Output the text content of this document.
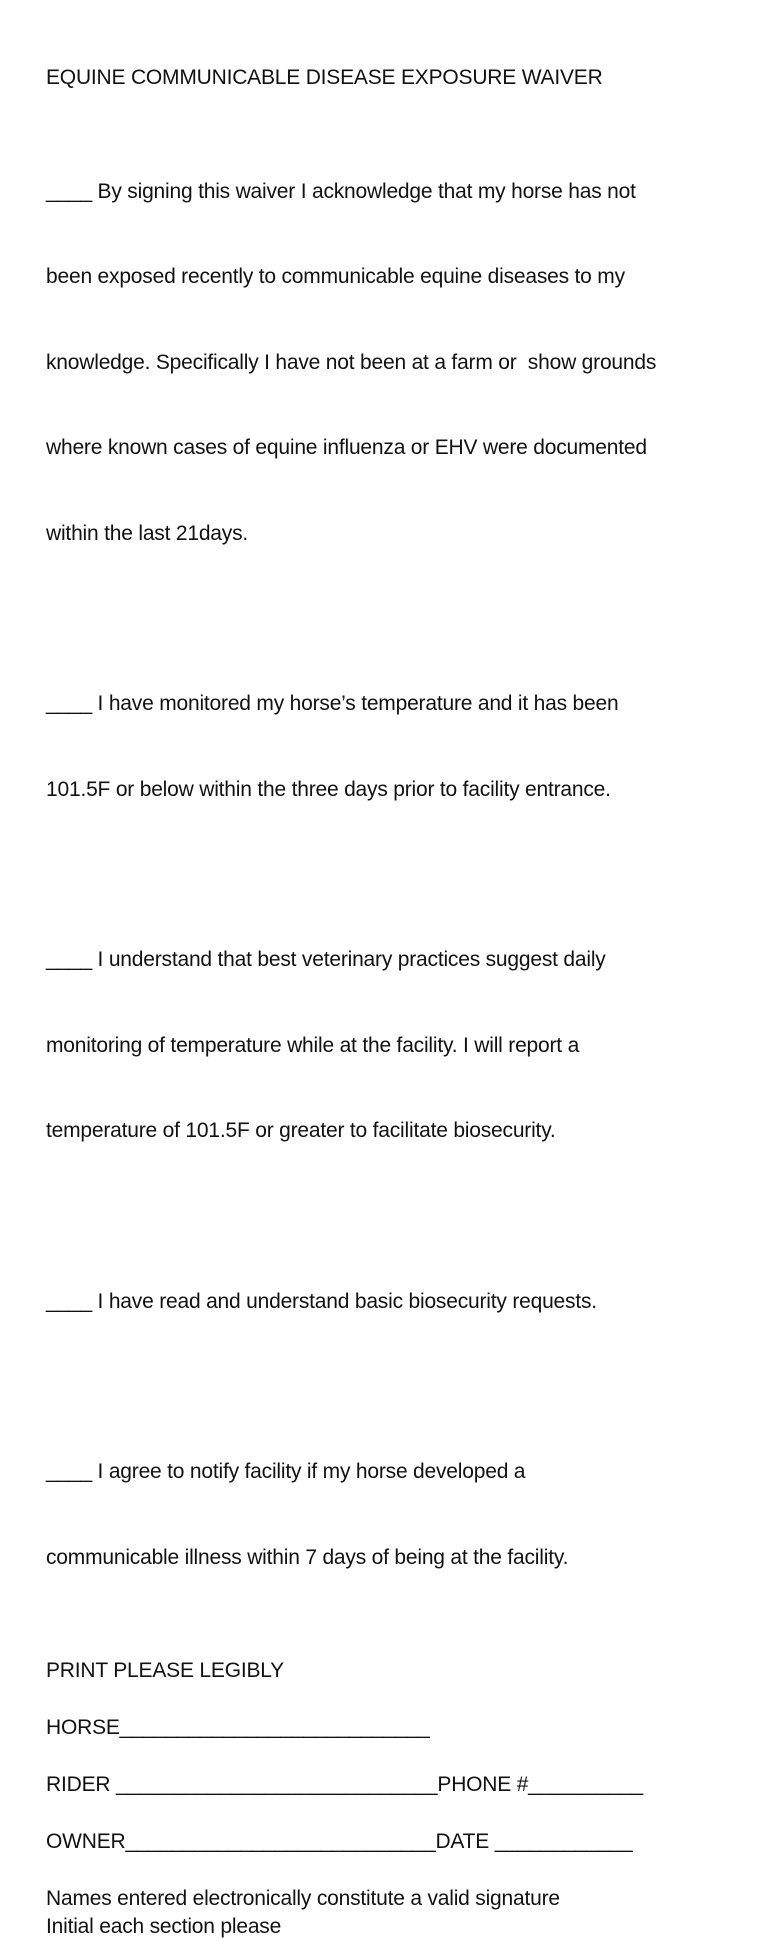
EQUINE COMMUNICABLE DISEASE EXPOSURE WAIVER

____ By signing this waiver I acknowledge that my horse has not

been exposed recently to communicable equine diseases to my

knowledge. Specifically I have not been at a farm or  show grounds

where known cases of equine influenza or EHV were documented

within the last 21days.

____ I have monitored my horse’s temperature and it has been

101.5F or below within the three days prior to facility entrance.

____ I understand that best veterinary practices suggest daily

monitoring of temperature while at the facility. I will report a

temperature of 101.5F or greater to facilitate biosecurity.

____ I have read and understand basic biosecurity requests.

____ I agree to notify facility if my horse developed a

communicable illness within 7 days of being at the facility.

PRINT PLEASE LEGIBLY
HORSE___________________________
RIDER ____________________________PHONE #__________
OWNER___________________________DATE ____________
Names entered electronically constitute a valid signature
Initial each section please
